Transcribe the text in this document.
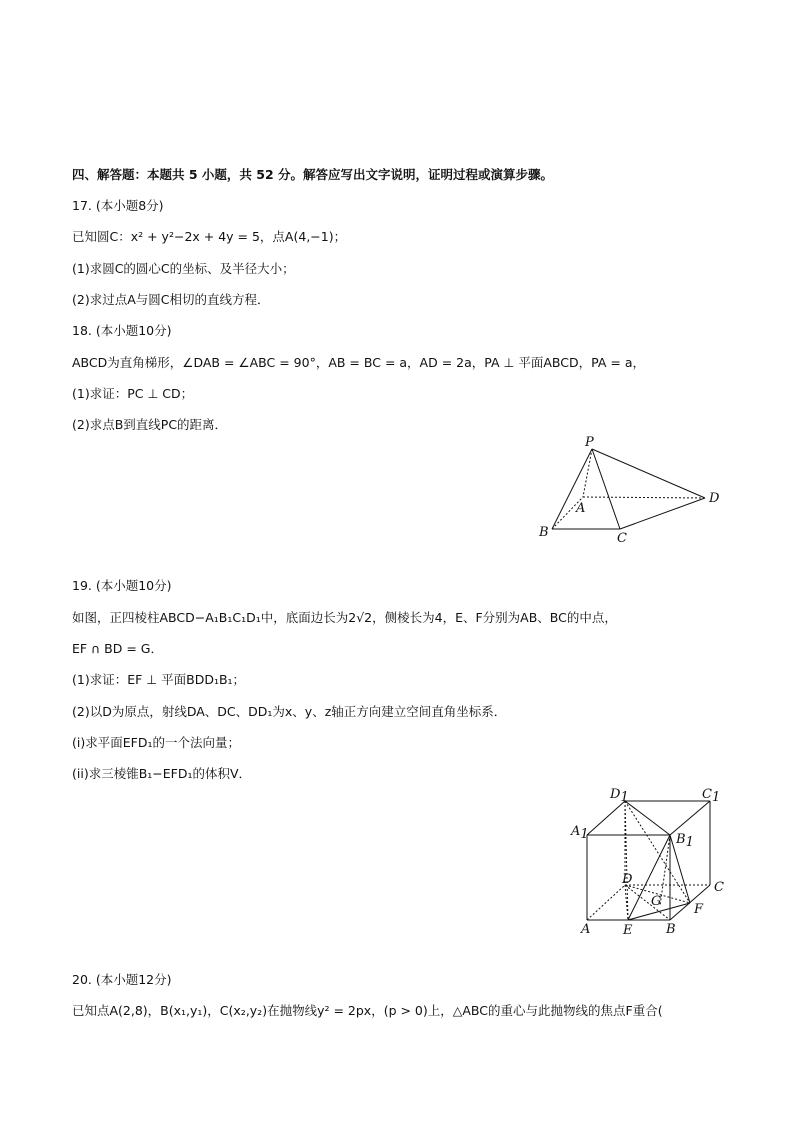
四、解答题：本题共 5 小题，共 52 分。解答应写出文字说明，证明过程或演算步骤。
17. (本小题8分)
已知圆C：x² + y²−2x + 4y = 5，点A(4,−1)；
(1)求圆C的圆心C的坐标、及半径大小；
(2)求过点A与圆C相切的直线方程．
18. (本小题10分)
ABCD为直角梯形，∠DAB = ∠ABC = 90°，AB = BC = a，AD = 2a，PA ⊥ 平面ABCD，PA = a，
(1)求证：PC ⊥ CD；
(2)求点B到直线PC的距离．
P
A
B	C
D
19. (本小题10分)
如图，正四棱柱ABCD−A₁B₁C₁D₁中，底面边长为2√2，侧棱长为4，E、F分别为AB、BC的中点，
EF ∩ BD = G．
(1)求证：EF ⊥ 平面BDD₁B₁；
(2)以D为原点，射线DA、DC、DD₁为x、y、z轴正方向建立空间直角坐标系．
(i)求平面EFD₁的一个法向量；
(ii)求三棱锥B₁−EFD₁的体积V．
D1	C1
A1	B1
D
C
G
F
A	E	B
20. (本小题12分)
已知点A(2,8)，B(x₁,y₁)，C(x₂,y₂)在抛物线y² = 2px，(p > 0)上，△ABC的重心与此抛物线的焦点F重合(
